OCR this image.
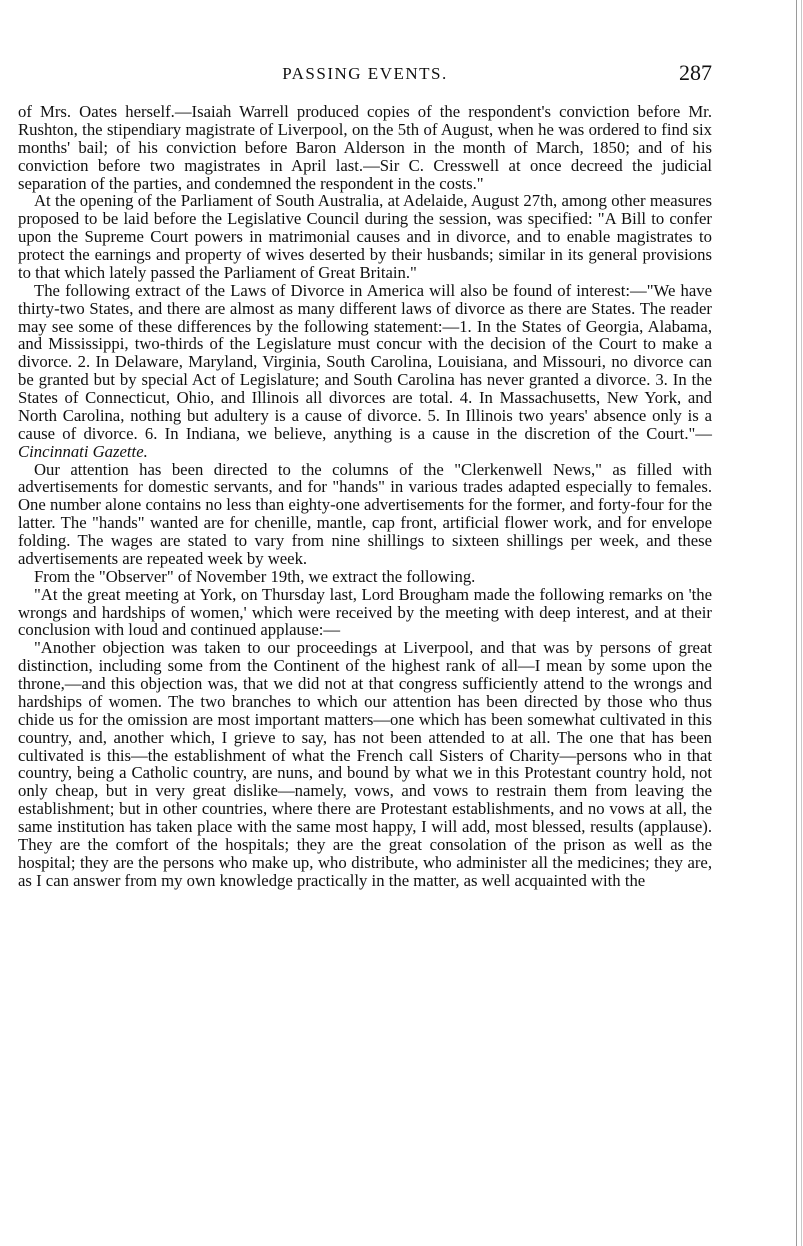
PASSING EVENTS.	287

of Mrs. Oates herself.—Isaiah Warrell produced copies of the respondent's conviction before Mr. Rushton, the stipendiary magistrate of Liverpool, on the 5th of August, when he was ordered to find six months' bail; of his conviction before Baron Alderson in the month of March, 1850; and of his conviction before two magistrates in April last.—Sir C. Cresswell at once decreed the judicial separation of the parties, and condemned the respondent in the costs."

At the opening of the Parliament of South Australia, at Adelaide, August 27th, among other measures proposed to be laid before the Legislative Council during the session, was specified: "A Bill to confer upon the Supreme Court powers in matrimonial causes and in divorce, and to enable magistrates to protect the earnings and property of wives deserted by their husbands; similar in its general provisions to that which lately passed the Parliament of Great Britain."

The following extract of the Laws of Divorce in America will also be found of interest:—"We have thirty-two States, and there are almost as many different laws of divorce as there are States. The reader may see some of these differences by the following statement:—1. In the States of Georgia, Alabama, and Mississippi, two-thirds of the Legislature must concur with the decision of the Court to make a divorce. 2. In Delaware, Maryland, Virginia, South Carolina, Louisiana, and Missouri, no divorce can be granted but by special Act of Legislature; and South Carolina has never granted a divorce. 3. In the States of Connecticut, Ohio, and Illinois all divorces are total. 4. In Massachusetts, New York, and North Carolina, nothing but adultery is a cause of divorce. 5. In Illinois two years' absence only is a cause of divorce. 6. In Indiana, we believe, anything is a cause in the discretion of the Court."—Cincinnati Gazette.

Our attention has been directed to the columns of the "Clerkenwell News," as filled with advertisements for domestic servants, and for "hands" in various trades adapted especially to females. One number alone contains no less than eighty-one advertisements for the former, and forty-four for the latter. The "hands" wanted are for chenille, mantle, cap front, artificial flower work, and for envelope folding. The wages are stated to vary from nine shillings to sixteen shillings per week, and these advertisements are repeated week by week.

From the "Observer" of November 19th, we extract the following.

"At the great meeting at York, on Thursday last, Lord Brougham made the following remarks on 'the wrongs and hardships of women,' which were received by the meeting with deep interest, and at their conclusion with loud and continued applause:—

"Another objection was taken to our proceedings at Liverpool, and that was by persons of great distinction, including some from the Continent of the highest rank of all—I mean by some upon the throne,—and this objection was, that we did not at that congress sufficiently attend to the wrongs and hardships of women. The two branches to which our attention has been directed by those who thus chide us for the omission are most important matters—one which has been somewhat cultivated in this country, and, another which, I grieve to say, has not been attended to at all. The one that has been cultivated is this—the establishment of what the French call Sisters of Charity—persons who in that country, being a Catholic country, are nuns, and bound by what we in this Protestant country hold, not only cheap, but in very great dislike—namely, vows, and vows to restrain them from leaving the establishment; but in other countries, where there are Protestant establishments, and no vows at all, the same institution has taken place with the same most happy, I will add, most blessed, results (applause). They are the comfort of the hospitals; they are the great consolation of the prison as well as the hospital; they are the persons who make up, who distribute, who administer all the medicines; they are, as I can answer from my own knowledge practically in the matter, as well acquainted with the
